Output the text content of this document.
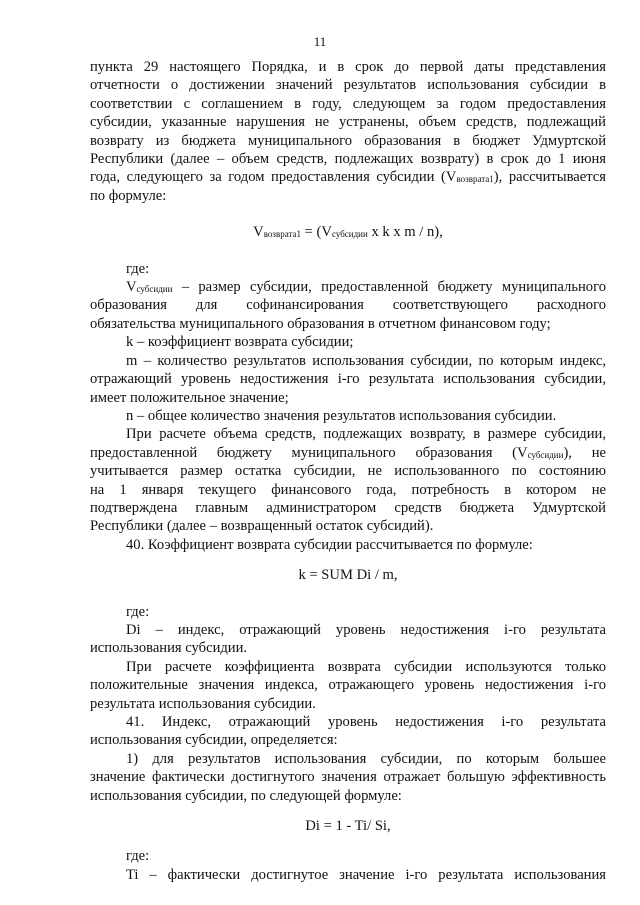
11

пункта 29 настоящего Порядка, и в срок до первой даты представления

отчетности о достижении значений результатов использования субсидии в

соответствии с соглашением в году, следующем за годом предоставления

субсидии, указанные нарушения не устранены, объем средств, подлежащий

возврату из бюджета муниципального образования в бюджет Удмуртской

Республики (далее – объем средств, подлежащих возврату) в срок до 1 июня

года, следующего за годом предоставления субсидии $(V_{возврата1})$, рассчитывается

по формуле:

$V_{возврата1} = (V_{субсидии}$ x k x m / n),

где:

$V_{субсидии}$ – размер субсидии, предоставленной бюджету муниципального

образования для софинансирования соответствующего расходного

обязательства муниципального образования в отчетном финансовом году;

k – коэффициент возврата субсидии;

m – количество результатов использования субсидии, по которым индекс,

отражающий уровень недостижения i-го результата использования субсидии,

имеет положительное значение;

n – общее количество значения результатов использования субсидии.

При расчете объема средств, подлежащих возврату, в размере субсидии,

предоставленной бюджету муниципального образования $(V_{субсидии})$, не

учитывается размер остатка субсидии, не использованного по состоянию

на 1 января текущего финансового года, потребность в котором не

подтверждена главным администратором средств бюджета Удмуртской

Республики (далее – возвращенный остаток субсидий).

40. Коэффициент возврата субсидии рассчитывается по формуле:

k = SUM Di / m,

где:

Di – индекс, отражающий уровень недостижения i-го результата

использования субсидии.

При расчете коэффициента возврата субсидии используются только

положительные значения индекса, отражающего уровень недостижения i-го

результата использования субсидии.

41. Индекс, отражающий уровень недостижения i-го результата

использования субсидии, определяется:

1) для результатов использования субсидии, по которым большее

значение фактически достигнутого значения отражает большую эффективность

использования субсидии, по следующей формуле:

Di = 1 - Ti/ Si,

где:

Ti – фактически достигнутое значение i-го результата использования
